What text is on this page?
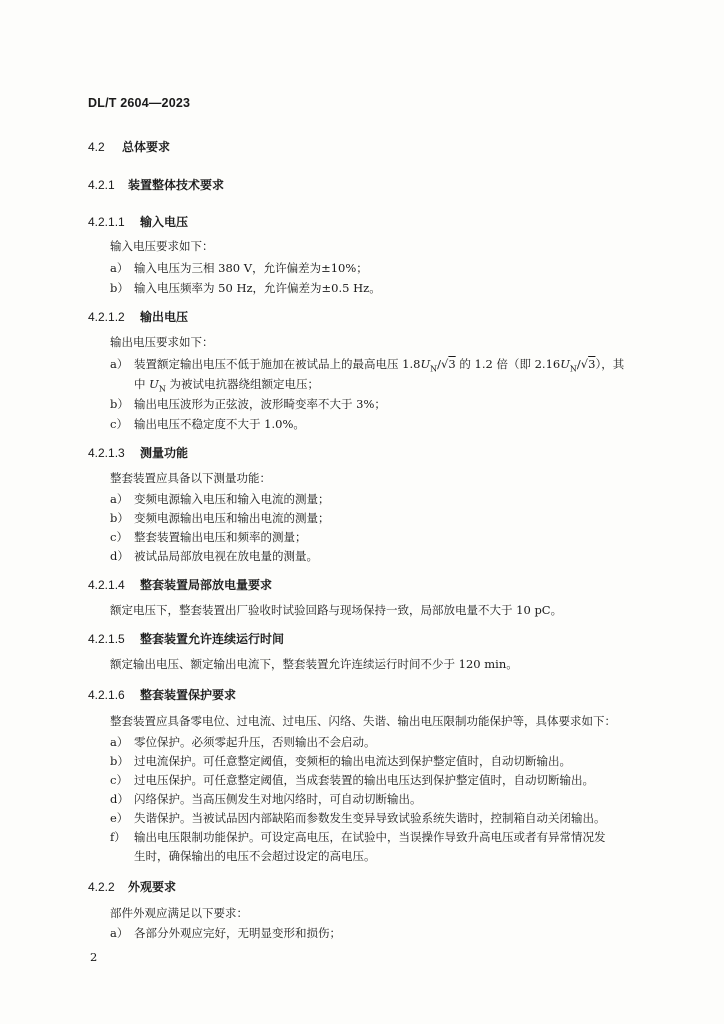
DL/T 2604—2023
4.2 总体要求
4.2.1 装置整体技术要求
4.2.1.1 输入电压
输入电压要求如下：
a） 输入电压为三相 380 V，允许偏差为±10%；
b） 输入电压频率为 50 Hz，允许偏差为±0.5 Hz。
4.2.1.2 输出电压
输出电压要求如下：
a） 装置额定输出电压不低于施加在被试品上的最高电压 $1.8U_N/√3$ 的 1.2 倍（即 $2.16U_N/√3$），其
中 $U_N$ 为被试电抗器绕组额定电压；
b） 输出电压波形为正弦波，波形畸变率不大于 3%；
c） 输出电压不稳定度不大于 1.0%。
4.2.1.3 测量功能
整套装置应具备以下测量功能：
a） 变频电源输入电压和输入电流的测量；
b） 变频电源输出电压和输出电流的测量；
c） 整套装置输出电压和频率的测量；
d） 被试品局部放电视在放电量的测量。
4.2.1.4 整套装置局部放电量要求
额定电压下，整套装置出厂验收时试验回路与现场保持一致，局部放电量不大于 10 pC。
4.2.1.5 整套装置允许连续运行时间
额定输出电压、额定输出电流下，整套装置允许连续运行时间不少于 120 min。
4.2.1.6 整套装置保护要求
整套装置应具备零电位、过电流、过电压、闪络、失谐、输出电压限制功能保护等，具体要求如下：
a） 零位保护。必须零起升压，否则输出不会启动。
b） 过电流保护。可任意整定阈值，变频柜的输出电流达到保护整定值时，自动切断输出。
c） 过电压保护。可任意整定阈值，当成套装置的输出电压达到保护整定值时，自动切断输出。
d） 闪络保护。当高压侧发生对地闪络时，可自动切断输出。
e） 失谐保护。当被试品因内部缺陷而参数发生变异导致试验系统失谐时，控制箱自动关闭输出。
f） 输出电压限制功能保护。可设定高电压，在试验中，当误操作导致升高电压或者有异常情况发
生时，确保输出的电压不会超过设定的高电压。
4.2.2 外观要求
部件外观应满足以下要求：
a） 各部分外观应完好，无明显变形和损伤；
2
